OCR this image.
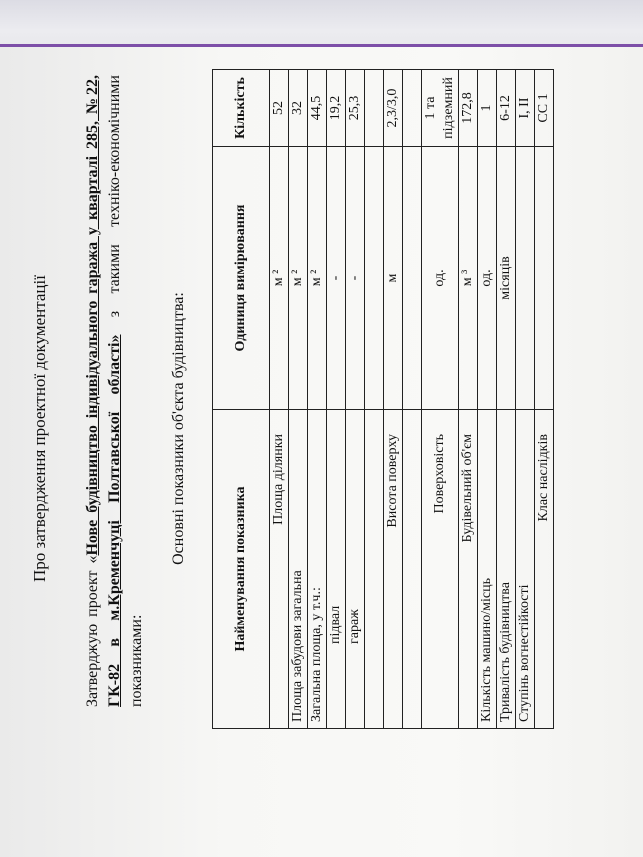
Про затвердження проектної документації
Затверджую проект «Нове будівництво індивідуального гаража у кварталі 285, №22, ГК-82 в м.Кременчуці Полтавської області» з такими техніко-економічними показниками:
Основні показники об'єкта будівництва:
Найменування показника	Одиниця вимірювання	Кількість
Площа ділянки	м ²	52
Площа забудови загальна	м ²	32
Загальна площа, у т.ч.:	м ²	44,5
підвал	-	19,2
гараж	-	25,3

Висота поверху	м	2,3/3,0

Поверховість	од.	1 та підземний
Будівельний об'єм	м ³	172,8
Кількість машино/місць	од.	1
Тривалість будівництва	місяців	6-12
Ступінь вогнестійкості		І, ІІ
Клас наслідків		СС 1
